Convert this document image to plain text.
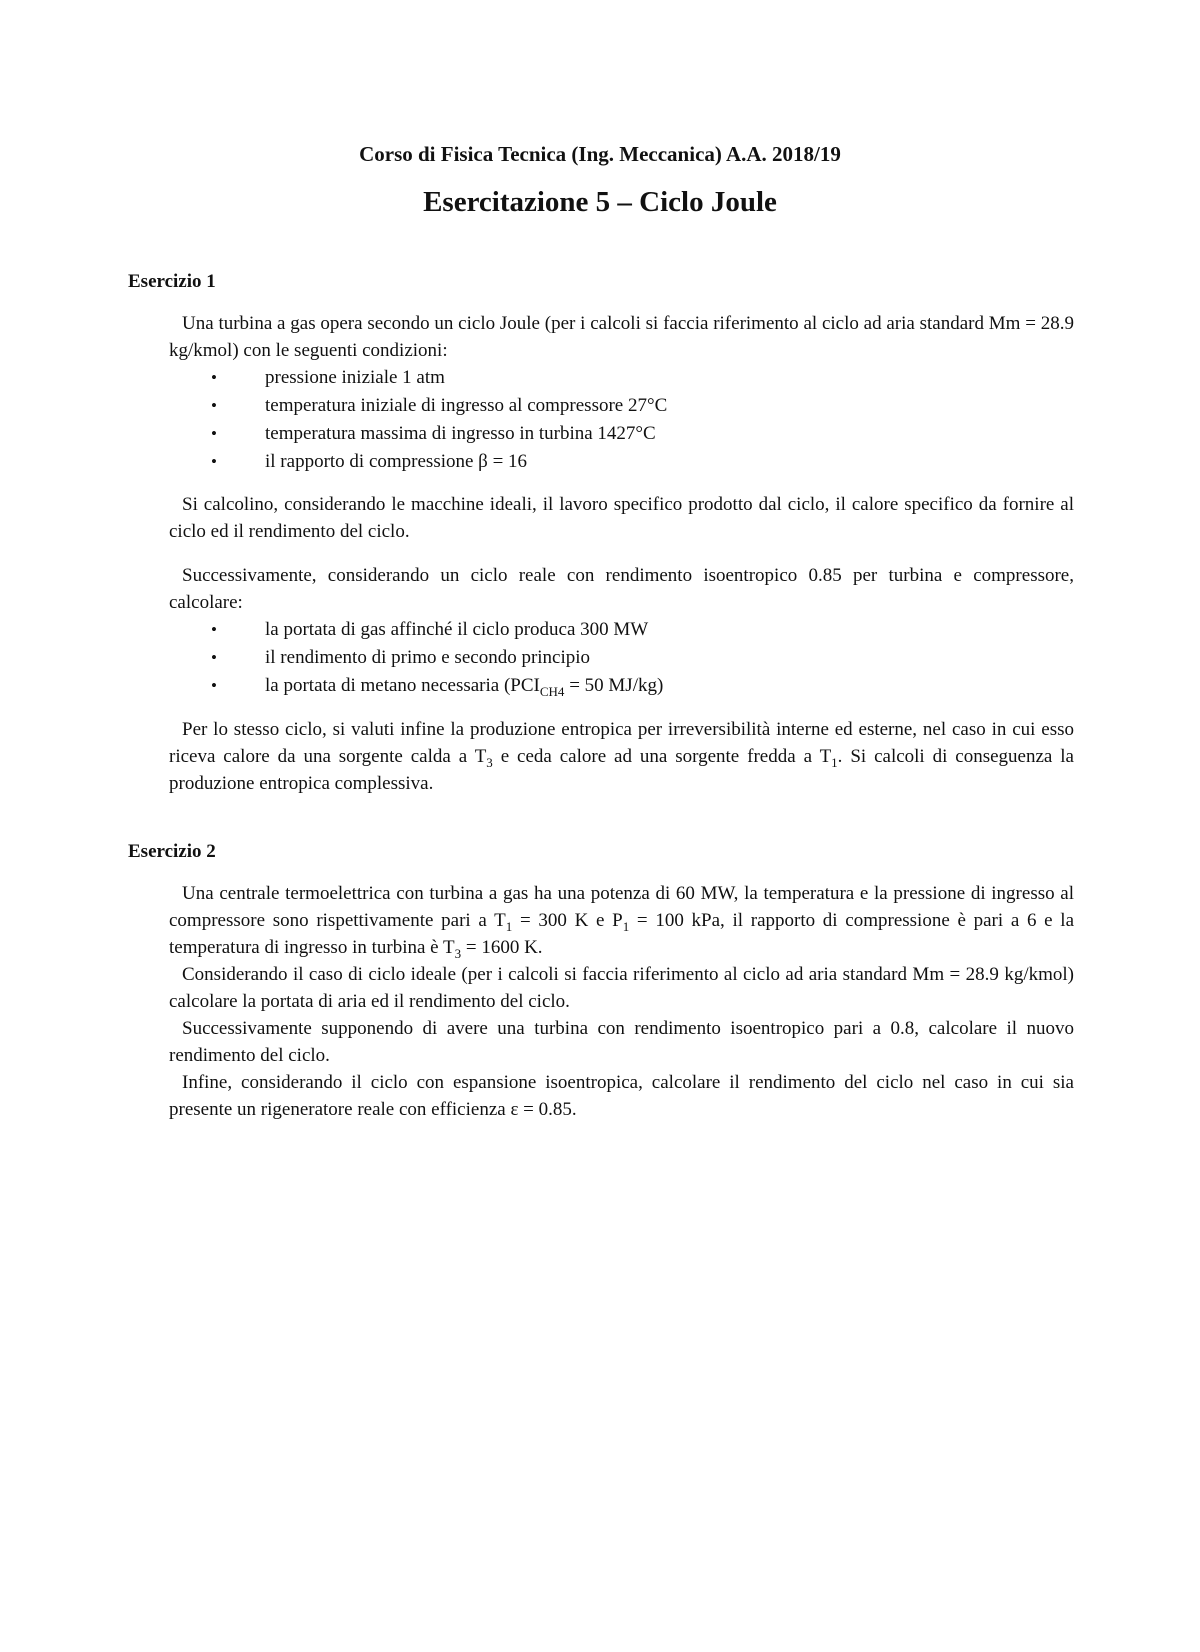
Corso di Fisica Tecnica (Ing. Meccanica) A.A. 2018/19
Esercitazione 5 – Ciclo Joule
Esercizio 1
Una turbina a gas opera secondo un ciclo Joule (per i calcoli si faccia riferimento al ciclo ad aria standard Mm = 28.9 kg/kmol) con le seguenti condizioni:
•	pressione iniziale 1 atm
•	temperatura iniziale di ingresso al compressore 27°C
•	temperatura massima di ingresso in turbina 1427°C
•	il rapporto di compressione β = 16
Si calcolino, considerando le macchine ideali, il lavoro specifico prodotto dal ciclo, il calore specifico da fornire al ciclo ed il rendimento del ciclo.
Successivamente, considerando un ciclo reale con rendimento isoentropico 0.85 per turbina e compressore, calcolare:
•	la portata di gas affinché il ciclo produca 300 MW
•	il rendimento di primo e secondo principio
•	la portata di metano necessaria ($PCI_{CH4} = 50$ MJ/kg)
Per lo stesso ciclo, si valuti infine la produzione entropica per irreversibilità interne ed esterne, nel caso in cui esso riceva calore da una sorgente calda a $T_3$ e ceda calore ad una sorgente fredda a $T_1$. Si calcoli di conseguenza la produzione entropica complessiva.
Esercizio 2
Una centrale termoelettrica con turbina a gas ha una potenza di 60 MW, la temperatura e la pressione di ingresso al compressore sono rispettivamente pari a $T_1 = 300$ K e $P_1 = 100$ kPa, il rapporto di compressione è pari a 6 e la temperatura di ingresso in turbina è $T_3 = 1600$ K.
Considerando il caso di ciclo ideale (per i calcoli si faccia riferimento al ciclo ad aria standard Mm = 28.9 kg/kmol) calcolare la portata di aria ed il rendimento del ciclo.
Successivamente supponendo di avere una turbina con rendimento isoentropico pari a 0.8, calcolare il nuovo rendimento del ciclo.
Infine, considerando il ciclo con espansione isoentropica, calcolare il rendimento del ciclo nel caso in cui sia presente un rigeneratore reale con efficienza ε = 0.85.
